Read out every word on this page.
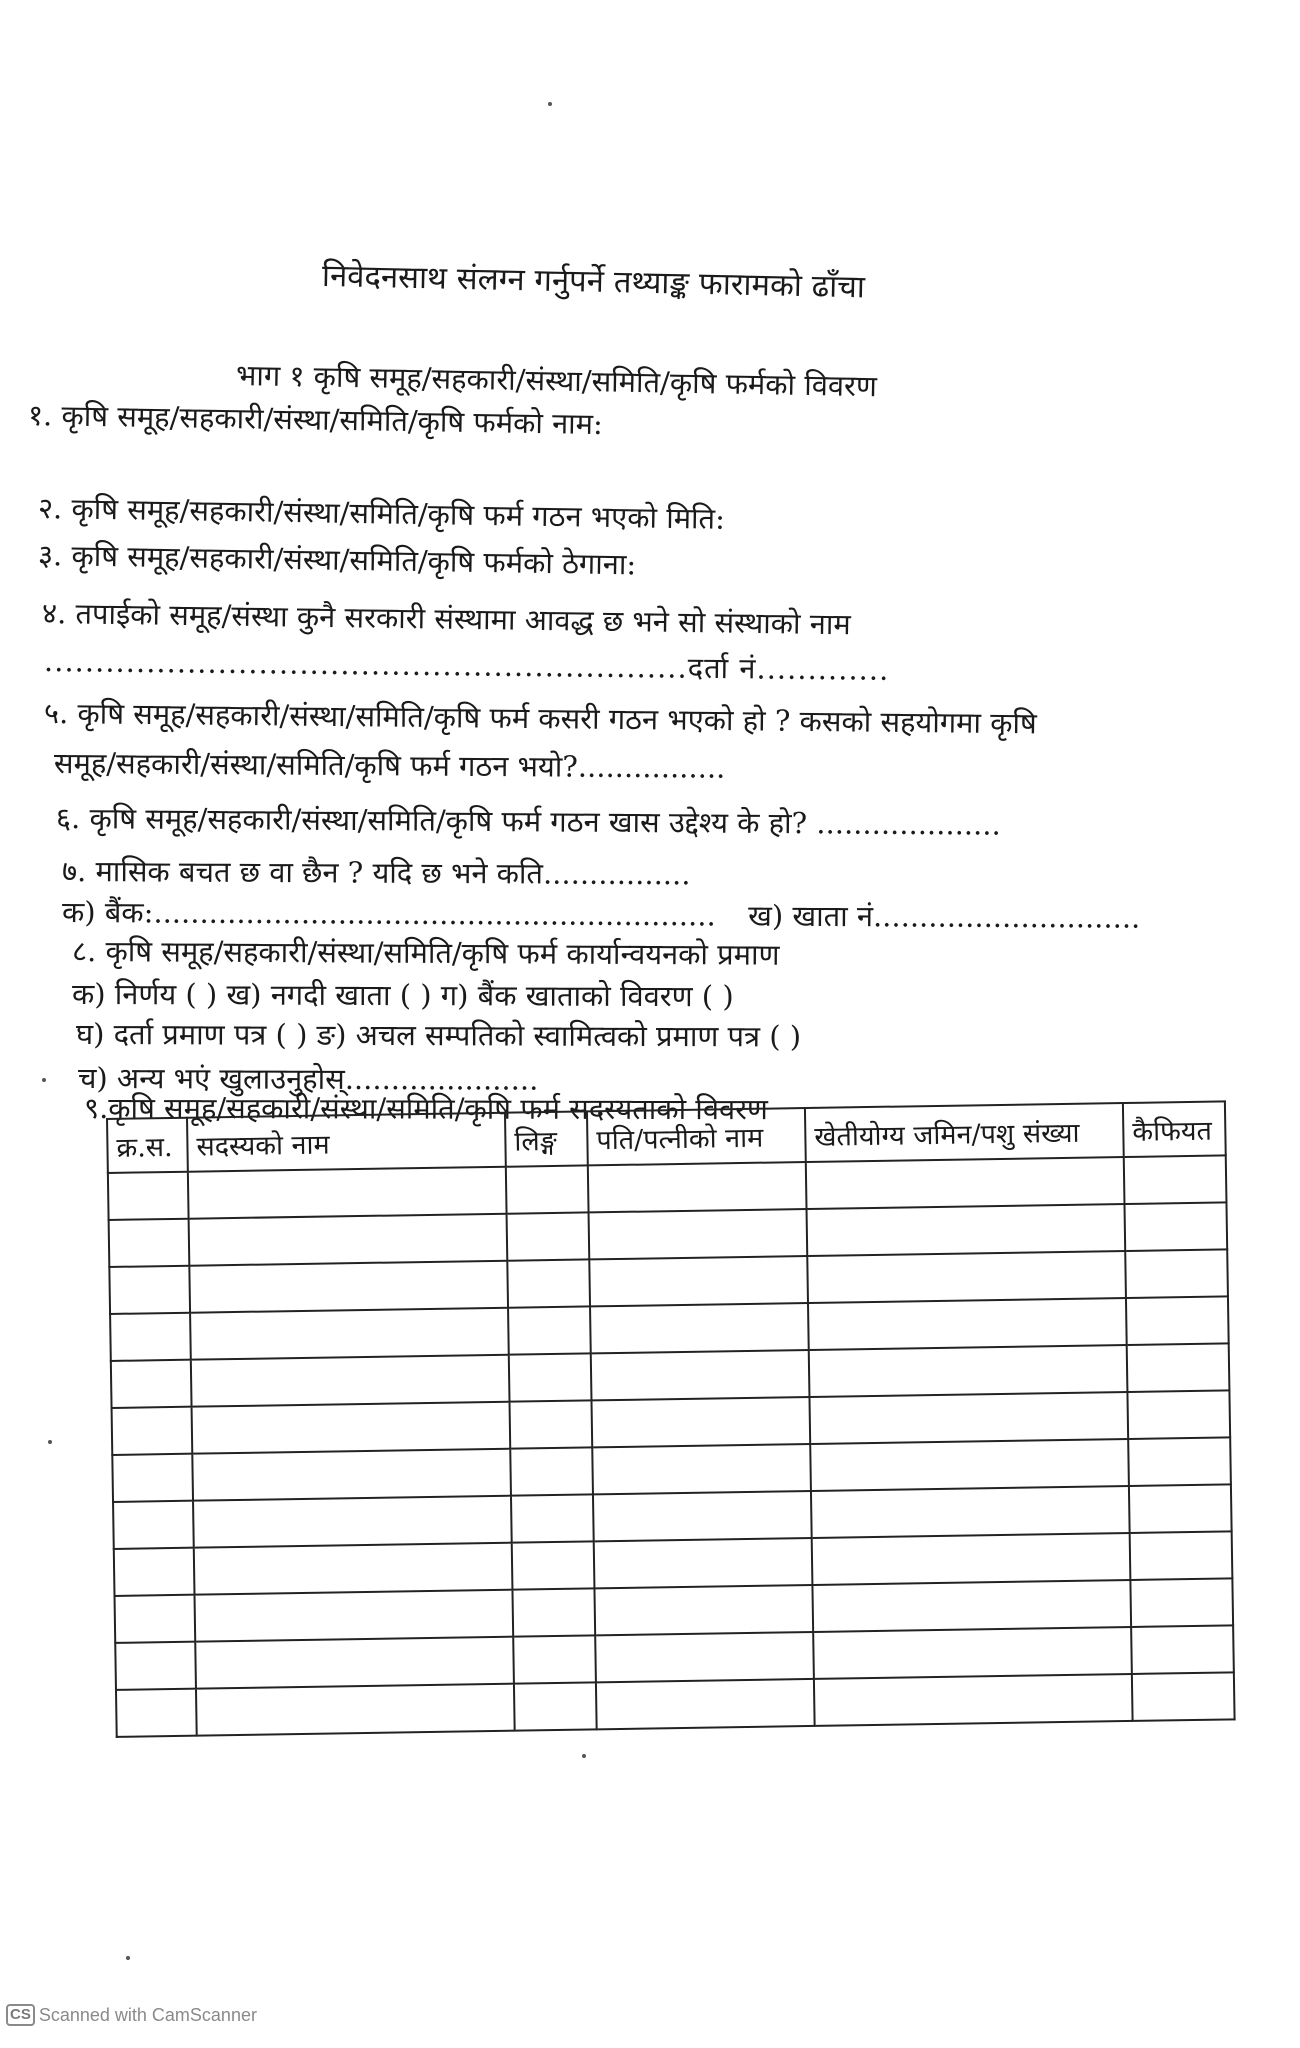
निवेदनसाथ संलग्न गर्नुपर्ने तथ्याङ्क फारामको ढाँचा
भाग १ कृषि समूह/सहकारी/संस्था/समिति/कृषि फर्मको विवरण
१. कृषि समूह/सहकारी/संस्था/समिति/कृषि फर्मको नाम:
२. कृषि समूह/सहकारी/संस्था/समिति/कृषि फर्म गठन भएको मिति:
३. कृषि समूह/सहकारी/संस्था/समिति/कृषि फर्मको ठेगाना:
४. तपाईको समूह/संस्था कुनै सरकारी संस्थामा आवद्ध छ भने सो संस्थाको नाम
...............................................................दर्ता नं.............
५. कृषि समूह/सहकारी/संस्था/समिति/कृषि फर्म कसरी गठन भएको हो ? कसको सहयोगमा कृषि
समूह/सहकारी/संस्था/समिति/कृषि फर्म गठन भयो?................
६. कृषि समूह/सहकारी/संस्था/समिति/कृषि फर्म गठन खास उद्देश्य के हो? ....................
७. मासिक बचत छ वा छैन ? यदि छ भने कति................
क) बैंक:............................................................. ख) खाता नं.............................
८. कृषि समूह/सहकारी/संस्था/समिति/कृषि फर्म कार्यान्वयनको प्रमाण
क) निर्णय ( ) ख) नगदी खाता ( ) ग) बैंक खाताको विवरण ( )
घ) दर्ता प्रमाण पत्र ( ) ङ) अचल सम्पतिको स्वामित्वको प्रमाण पत्र ( )
च) अन्य भएं खुलाउनुहोस्.....................
९.कृषि समूह/सहकारी/संस्था/समिति/कृषि फर्म सदस्यताको विवरण
क्र.स.	सदस्यको नाम	लिङ्ग	पति/पत्नीको नाम	खेतीयोग्य जमिन/पशु संख्या	कैफियत

CS Scanned with CamScanner
